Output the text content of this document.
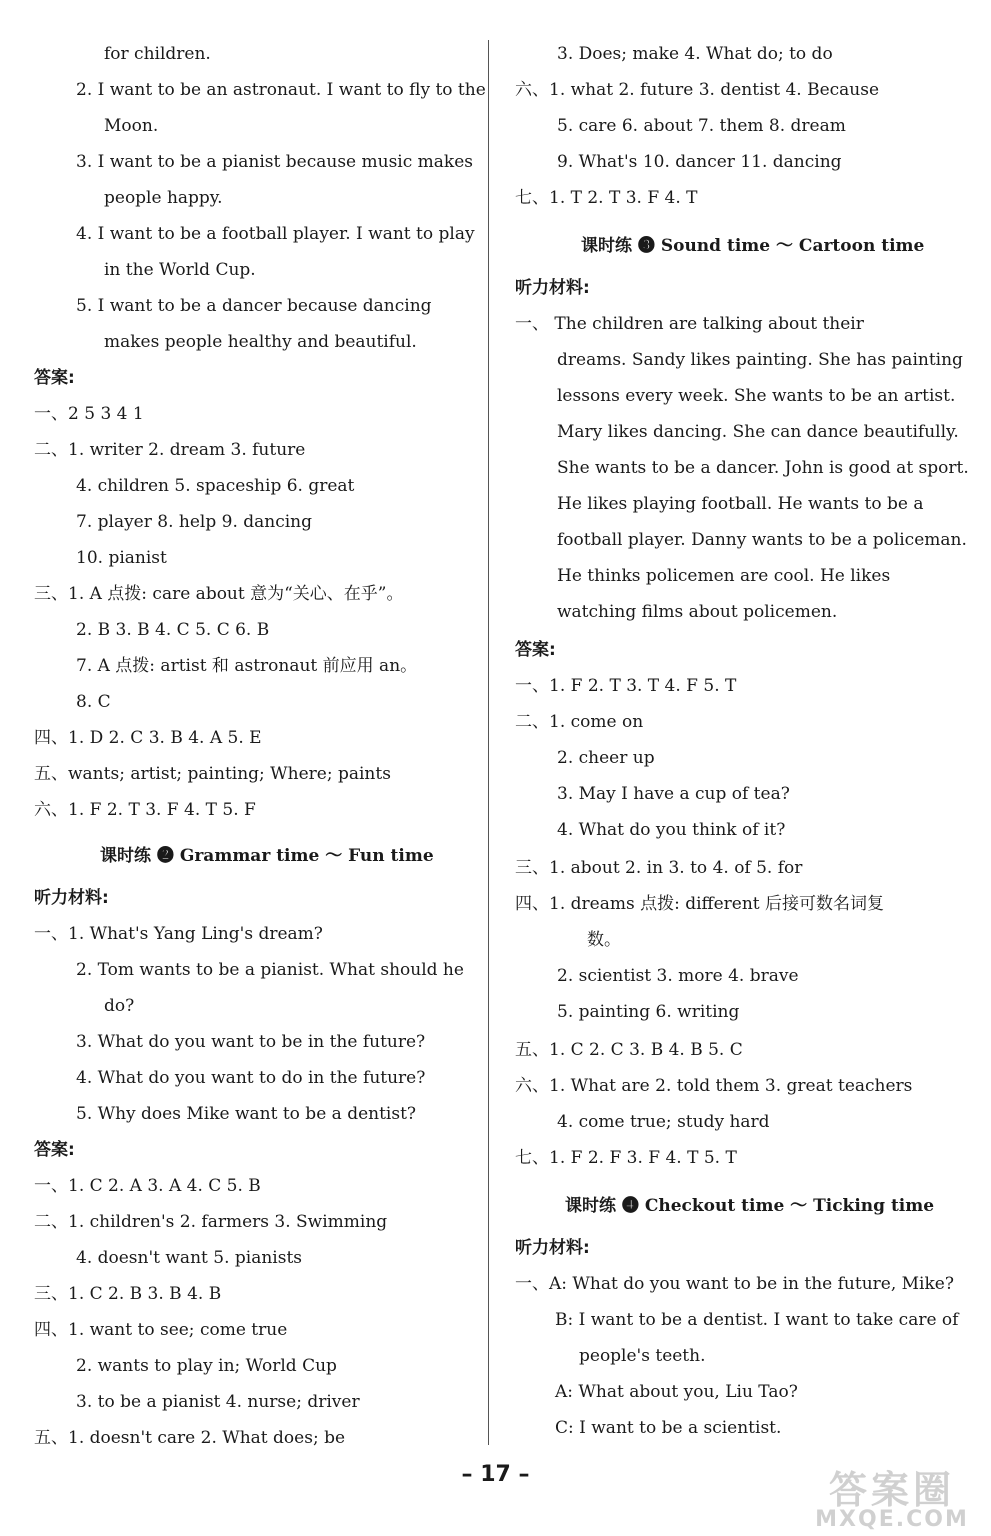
for children.
2. I want to be an astronaut. I want to fly to the
Moon.
3. I want to be a pianist because music makes
people happy.
4. I want to be a football player. I want to play
in the World Cup.
5. I want to be a dancer because dancing
makes people healthy and beautiful.
答案:
一、2 5 3 4 1
二、1. writer 2. dream 3. future
4. children 5. spaceship 6. great
7. player 8. help 9. dancing
10. pianist
三、1. A 点拨: care about 意为“关心、在乎”。
2. B 3. B 4. C 5. C 6. B
7. A 点拨: artist 和 astronaut 前应用 an。
8. C
四、1. D 2. C 3. B 4. A 5. E
五、wants; artist; painting; Where; paints
六、1. F 2. T 3. F 4. T 5. F
课时练 ❷ Grammar time ～ Fun time
听力材料:
一、1. What's Yang Ling's dream?
2. Tom wants to be a pianist. What should he
do?
3. What do you want to be in the future?
4. What do you want to do in the future?
5. Why does Mike want to be a dentist?
答案:
一、1. C 2. A 3. A 4. C 5. B
二、1. children's 2. farmers 3. Swimming
4. doesn't want 5. pianists
三、1. C 2. B 3. B 4. B
四、1. want to see; come true
2. wants to play in; World Cup
3. to be a pianist 4. nurse; driver
五、1. doesn't care 2. What does; be
3. Does; make 4. What do; to do
六、1. what 2. future 3. dentist 4. Because
5. care 6. about 7. them 8. dream
9. What's 10. dancer 11. dancing
七、1. T 2. T 3. F 4. T
课时练 ❸ Sound time ～ Cartoon time
听力材料:
一、 The children are talking about their
dreams. Sandy likes painting. She has painting
lessons every week. She wants to be an artist.
Mary likes dancing. She can dance beautifully.
She wants to be a dancer. John is good at sport.
He likes playing football. He wants to be a
football player. Danny wants to be a policeman.
He thinks policemen are cool. He likes
watching films about policemen.
答案:
一、1. F 2. T 3. T 4. F 5. T
二、1. come on
2. cheer up
3. May I have a cup of tea?
4. What do you think of it?
三、1. about 2. in 3. to 4. of 5. for
四、1. dreams 点拨: different 后接可数名词复
数。
2. scientist 3. more 4. brave
5. painting 6. writing
五、1. C 2. C 3. B 4. B 5. C
六、1. What are 2. told them 3. great teachers
4. come true; study hard
七、1. F 2. F 3. F 4. T 5. T
课时练 ❹ Checkout time ～ Ticking time
听力材料:
一、A: What do you want to be in the future, Mike?
B: I want to be a dentist. I want to take care of
people's teeth.
A: What about you, Liu Tao?
C: I want to be a scientist.
– 17 –	答案圈
MXQE.COM
